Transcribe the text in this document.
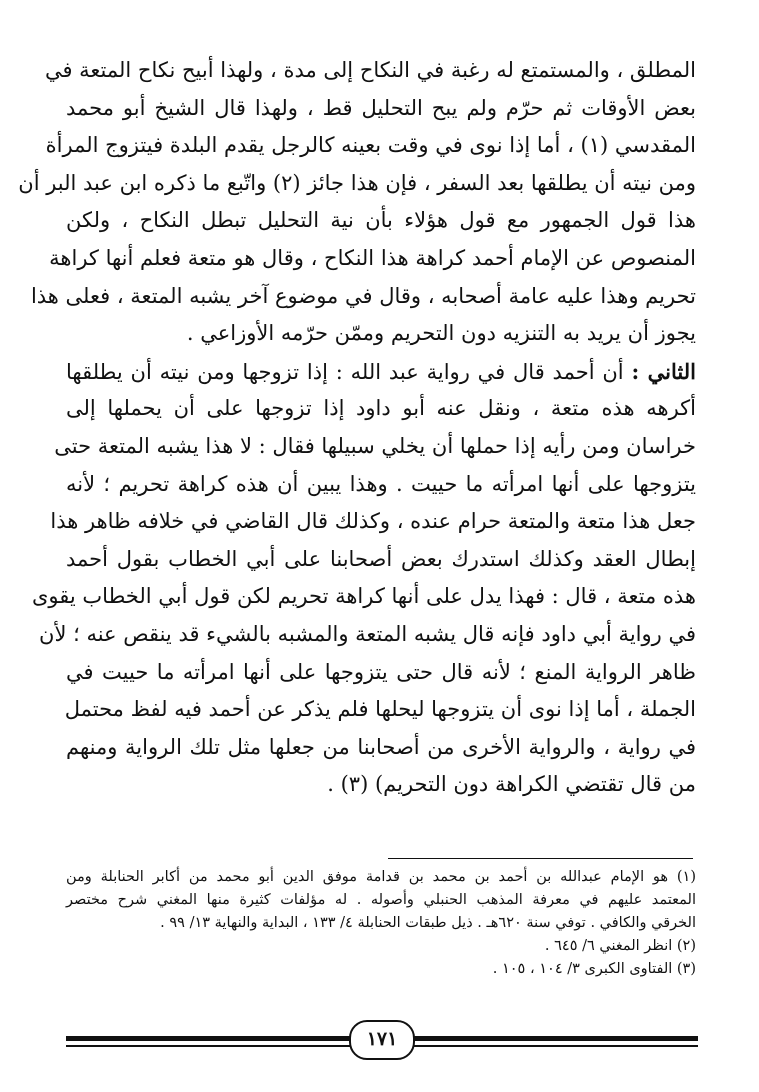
المطلق ، والمستمتع له رغبة في النكاح إلى مدة ، ولهذا أبيح نكاح المتعة في
بعض الأوقات ثم حرّم ولم يبح التحليل قط ، ولهذا قال الشيخ أبو محمد
المقدسي (١) ، أما إذا نوى في وقت بعينه كالرجل يقدم البلدة فيتزوج المرأة
ومن نيته أن يطلقها بعد السفر ، فإن هذا جائز (٢) واتّبع ما ذكره ابن عبد البر أن
هذا قول الجمهور مع قول هؤلاء بأن نية التحليل تبطل النكاح ، ولكن
المنصوص عن الإمام أحمد كراهة هذا النكاح ، وقال هو متعة فعلم أنها كراهة
تحريم وهذا عليه عامة أصحابه ، وقال في موضوع آخر يشبه المتعة ، فعلى هذا
يجوز أن يريد به التنزيه دون التحريم وممّن حرّمه الأوزاعي .
الثاني : أن أحمد قال في رواية عبد الله : إذا تزوجها ومن نيته أن يطلقها
أكرهه هذه متعة ، ونقل عنه أبو داود إذا تزوجها على أن يحملها إلى
خراسان ومن رأيه إذا حملها أن يخلي سبيلها فقال : لا هذا يشبه المتعة حتى
يتزوجها على أنها امرأته ما حييت . وهذا يبين أن هذه كراهة تحريم ؛ لأنه
جعل هذا متعة والمتعة حرام عنده ، وكذلك قال القاضي في خلافه ظاهر هذا
إبطال العقد وكذلك استدرك بعض أصحابنا على أبي الخطاب بقول أحمد
هذه متعة ، قال : فهذا يدل على أنها كراهة تحريم لكن قول أبي الخطاب يقوى
في رواية أبي داود فإنه قال يشبه المتعة والمشبه بالشيء قد ينقص عنه ؛ لأن
ظاهر الرواية المنع ؛ لأنه قال حتى يتزوجها على أنها امرأته ما حييت في
الجملة ، أما إذا نوى أن يتزوجها ليحلها فلم يذكر عن أحمد فيه لفظ محتمل
في رواية ، والرواية الأخرى من أصحابنا من جعلها مثل تلك الرواية ومنهم
من قال تقتضي الكراهة دون التحريم) (٣) .
(١) هو الإمام عبدالله بن أحمد بن محمد بن قدامة موفق الدين أبو محمد من أكابر الحنابلة ومن
المعتمد عليهم في معرفة المذهب الحنبلي وأصوله . له مؤلفات كثيرة منها المغني شرح مختصر
الخرقي والكافي . توفي سنة ٦٢٠هـ . ذيل طبقات الحنابلة ٤/ ١٣٣ ، البداية والنهاية ١٣/ ٩٩ .
(٢) انظر المغني ٦/ ٦٤٥ .
(٣) الفتاوى الكبرى ٣/ ١٠٤ ، ١٠٥ .
١٧١
